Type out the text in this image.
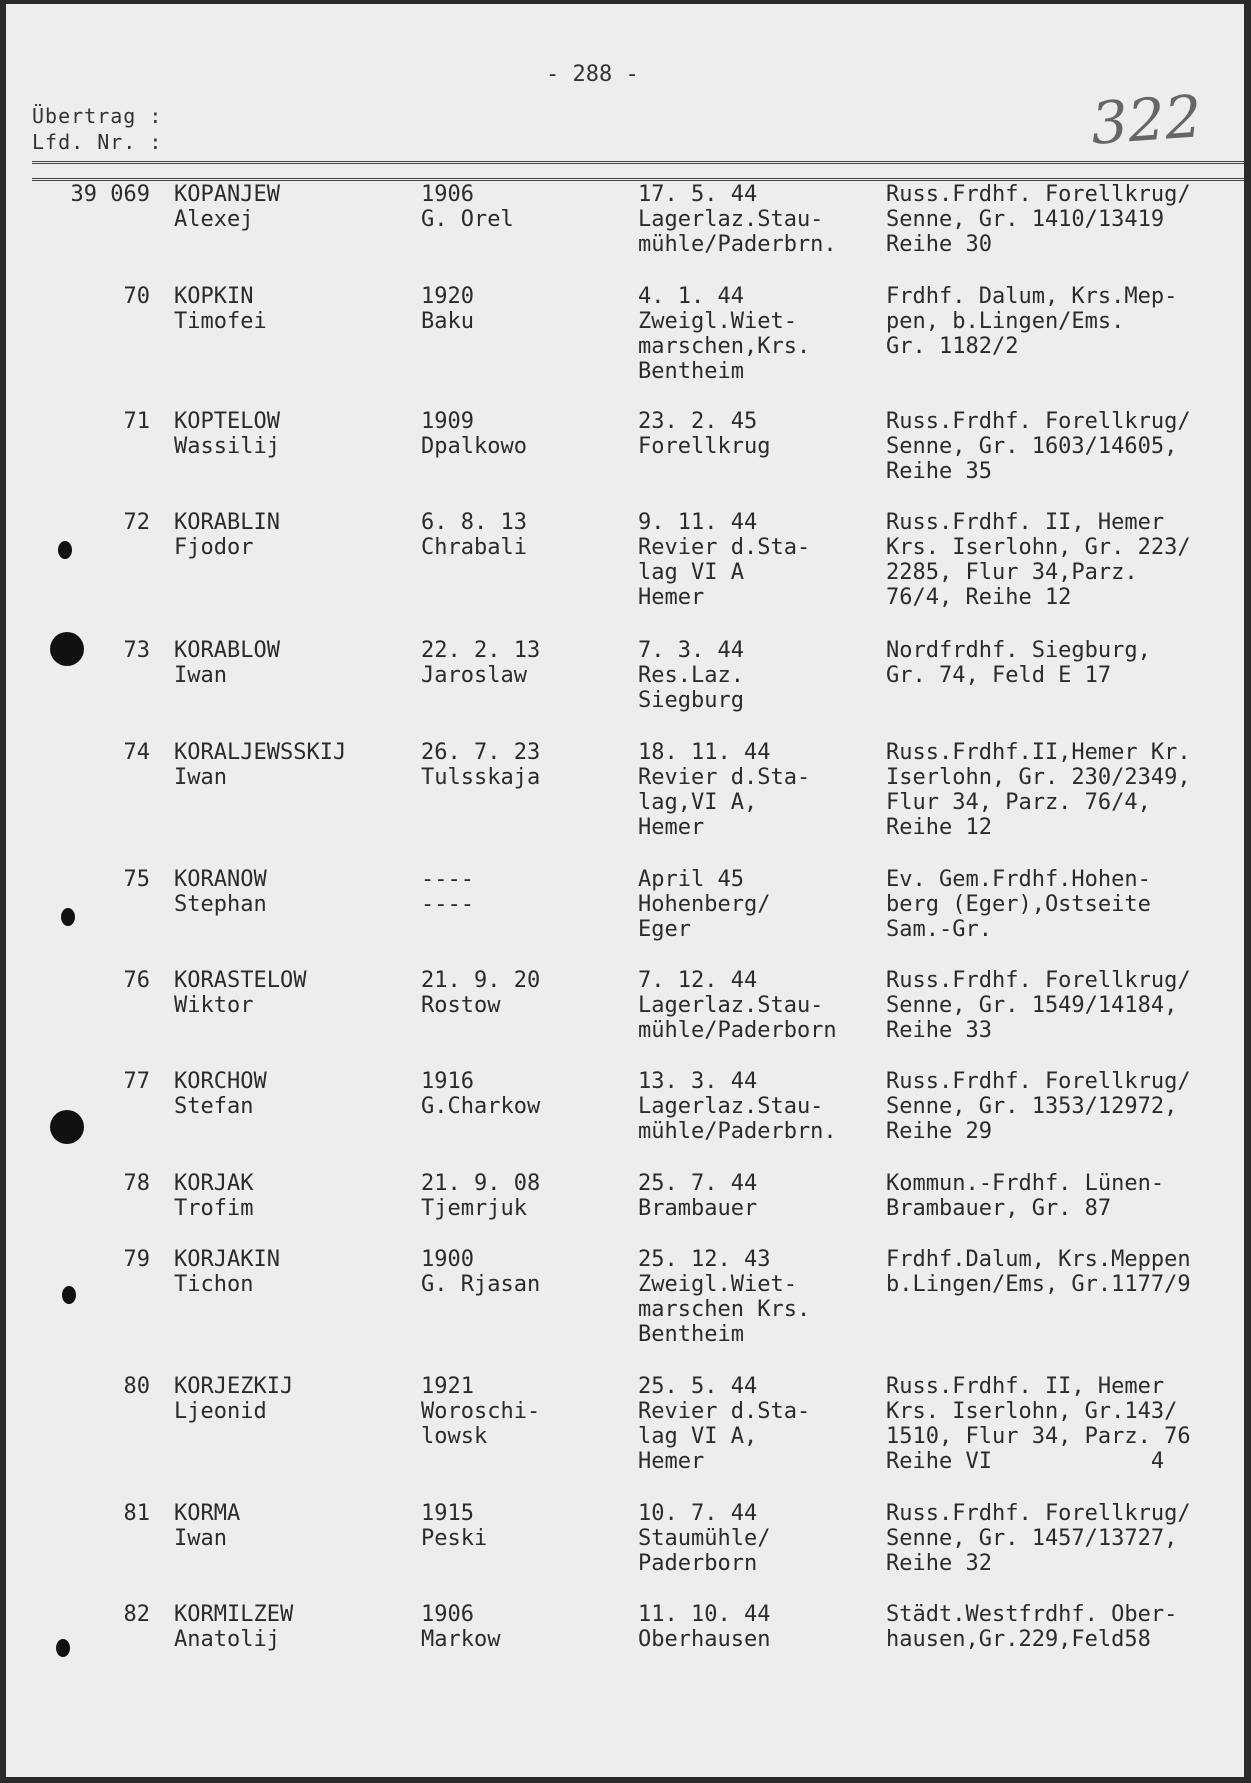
- 288 -
322
Übertrag :
Lfd. Nr. :
39 069 KOPANJEW
Alexej
1906
G. Orel
17. 5. 44
Lagerlaz.Stau-
mühle/Paderbrn.
Russ.Frdhf. Forellkrug/
Senne, Gr. 1410/13419
Reihe 30
70 KOPKIN
Timofei
1920
Baku
4. 1. 44
Zweigl.Wiet-
marschen,Krs.
Bentheim
Frdhf. Dalum, Krs.Mep-
pen, b.Lingen/Ems.
Gr. 1182/2
71 KOPTELOW
Wassilij
1909
Dpalkowo
23. 2. 45
Forellkrug
Russ.Frdhf. Forellkrug/
Senne, Gr. 1603/14605,
Reihe 35
72 KORABLIN
Fjodor
6. 8. 13
Chrabali
9. 11. 44
Revier d.Sta-
lag VI A
Hemer
Russ.Frdhf. II, Hemer
Krs. Iserlohn, Gr. 223/
2285, Flur 34,Parz.
76/4, Reihe 12
73 KORABLOW
Iwan
22. 2. 13
Jaroslaw
7. 3. 44
Res.Laz.
Siegburg
Nordfrdhf. Siegburg,
Gr. 74, Feld E 17
74 KORALJEWSSKIJ
Iwan
26. 7. 23
Tulsskaja
18. 11. 44
Revier d.Sta-
lag,VI A,
Hemer
Russ.Frdhf.II,Hemer Kr.
Iserlohn, Gr. 230/2349,
Flur 34, Parz. 76/4,
Reihe 12
75 KORANOW
Stephan
----
----
April 45
Hohenberg/
Eger
Ev. Gem.Frdhf.Hohen-
berg (Eger),Ostseite
Sam.-Gr.
76 KORASTELOW
Wiktor
21. 9. 20
Rostow
7. 12. 44
Lagerlaz.Stau-
mühle/Paderborn
Russ.Frdhf. Forellkrug/
Senne, Gr. 1549/14184,
Reihe 33
77 KORCHOW
Stefan
1916
G.Charkow
13. 3. 44
Lagerlaz.Stau-
mühle/Paderbrn.
Russ.Frdhf. Forellkrug/
Senne, Gr. 1353/12972,
Reihe 29
78 KORJAK
Trofim
21. 9. 08
Tjemrjuk
25. 7. 44
Brambauer
Kommun.-Frdhf. Lünen-
Brambauer, Gr. 87
79 KORJAKIN
Tichon
1900
G. Rjasan
25. 12. 43
Zweigl.Wiet-
marschen Krs.
Bentheim
Frdhf.Dalum, Krs.Meppen
b.Lingen/Ems, Gr.1177/9
80 KORJEZKIJ
Ljeonid
1921
Woroschi-
lowsk
25. 5. 44
Revier d.Sta-
lag VI A,
Hemer
Russ.Frdhf. II, Hemer
Krs. Iserlohn, Gr.143/
1510, Flur 34, Parz. 76
Reihe VI            4
81 KORMA
Iwan
1915
Peski
10. 7. 44
Staumühle/
Paderborn
Russ.Frdhf. Forellkrug/
Senne, Gr. 1457/13727,
Reihe 32
82 KORMILZEW
Anatolij
1906
Markow
11. 10. 44
Oberhausen
Städt.Westfrdhf. Ober-
hausen,Gr.229,Feld58
